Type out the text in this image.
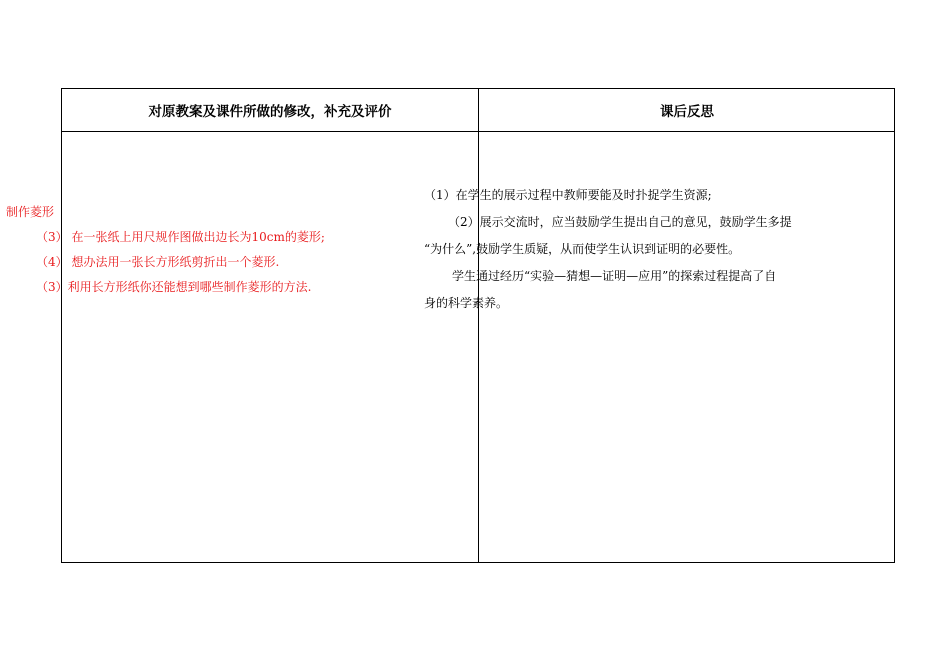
对原教案及课件所做的修改，补充及评价	课后反思
制作菱形
（3） 在一张纸上用尺规作图做出边长为10cm的菱形;
（4） 想办法用一张长方形纸剪折出一个菱形.
（3）利用长方形纸你还能想到哪些制作菱形的方法.
（1）在学生的展示过程中教师要能及时扑捉学生资源;
（2）展示交流时，应当鼓励学生提出自己的意见，鼓励学生多提
“为什么”,鼓励学生质疑，从而使学生认识到证明的必要性。
学生通过经历“实验—猜想—证明—应用”的探索过程提高了自
身的科学素养。
